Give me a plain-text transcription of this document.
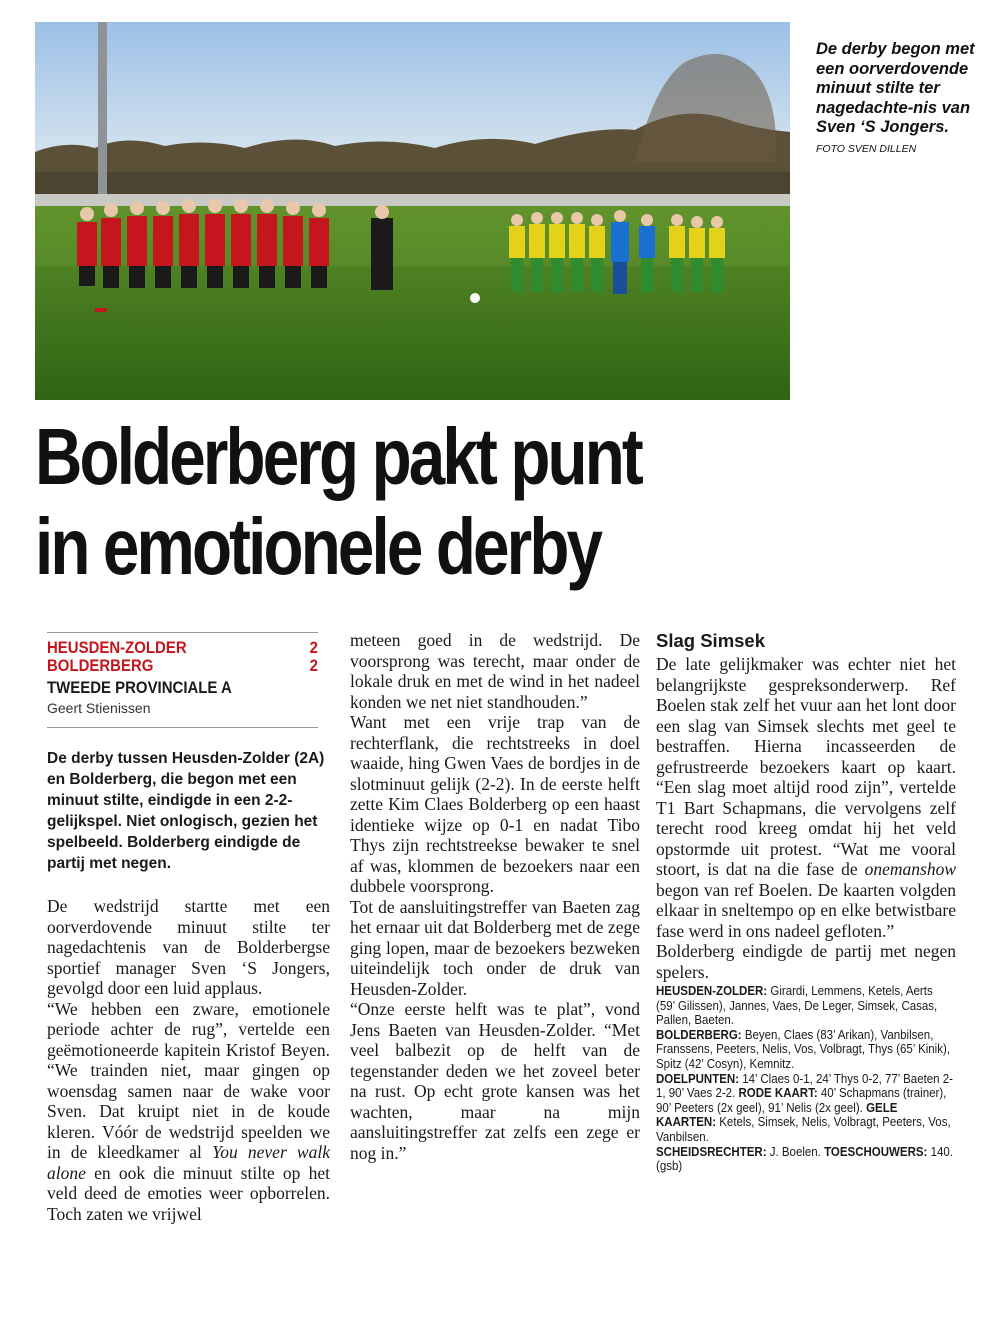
De derby begon met een oorverdovende minuut stilte ter nagedachte-nis van Sven ‘S Jongers. FOTO SVEN DILLEN
Bolderberg pakt punt
in emotionele derby
HEUSDEN-ZOLDER	2
BOLDERBERG	2
TWEEDE PROVINCIALE A
Geert Stienissen
De derby tussen Heusden-Zolder (2A) en Bolderberg, die begon met een minuut stilte, eindigde in een 2-2-gelijkspel. Niet onlogisch, gezien het spelbeeld. Bolderberg eindigde de partij met negen.

De wedstrijd startte met een oorverdovende minuut stilte ter nagedachtenis van de Bolderbergse sportief manager Sven ‘S Jongers, gevolgd door een luid applaus.

“We hebben een zware, emotionele periode achter de rug”, vertelde een geëmotioneerde kapitein Kristof Beyen. “We trainden niet, maar gingen op woensdag samen naar de wake voor Sven. Dat kruipt niet in de koude kleren. Vóór de wedstrijd speelden we in de kleedkamer al You never walk alone en ook die minuut stilte op het veld deed de emoties weer opborrelen. Toch zaten we vrijwel

meteen goed in de wedstrijd. De voorsprong was terecht, maar onder de lokale druk en met de wind in het nadeel konden we net niet standhouden.”

Want met een vrije trap van de rechterflank, die rechtstreeks in doel waaide, hing Gwen Vaes de bordjes in de slotminuut gelijk (2-2). In de eerste helft zette Kim Claes Bolderberg op een haast identieke wijze op 0-1 en nadat Tibo Thys zijn rechtstreekse bewaker te snel af was, klommen de bezoekers naar een dubbele voorsprong.

Tot de aansluitingstreffer van Baeten zag het ernaar uit dat Bolderberg met de zege ging lopen, maar de bezoekers bezweken uiteindelijk toch onder de druk van Heusden-Zolder.

“Onze eerste helft was te plat”, vond Jens Baeten van Heusden-Zolder. “Met veel balbezit op de helft van de tegenstander deden we het zoveel beter na rust. Op echt grote kansen was het wachten, maar na mijn aansluitingstreffer zat zelfs een zege er nog in.”

Slag Simsek

De late gelijkmaker was echter niet het belangrijkste gespreksonderwerp. Ref Boelen stak zelf het vuur aan het lont door een slag van Simsek slechts met geel te bestraffen. Hierna incasseerden de gefrustreerde bezoekers kaart op kaart. “Een slag moet altijd rood zijn”, vertelde T1 Bart Schapmans, die vervolgens zelf terecht rood kreeg omdat hij het veld opstormde uit protest. “Wat me vooral stoort, is dat na die fase de onemanshow begon van ref Boelen. De kaarten volgden elkaar in sneltempo op en elke betwistbare fase werd in ons nadeel gefloten.”

Bolderberg eindigde de partij met negen spelers.

HEUSDEN-ZOLDER: Girardi, Lemmens, Ketels, Aerts (59’ Gilissen), Jannes, Vaes, De Leger, Simsek, Casas, Pallen, Baeten.
BOLDERBERG: Beyen, Claes (83’ Arikan), Vanbilsen, Franssens, Peeters, Nelis, Vos, Volbragt, Thys (65’ Kinik), Spitz (42’ Cosyn), Kemnitz.
DOELPUNTEN: 14’ Claes 0-1, 24’ Thys 0-2, 77’ Baeten 2-1, 90’ Vaes 2-2. RODE KAART: 40’ Schapmans (trainer), 90’ Peeters (2x geel), 91’ Nelis (2x geel). GELE KAARTEN: Ketels, Simsek, Nelis, Volbragt, Peeters, Vos, Vanbilsen.
SCHEIDSRECHTER: J. Boelen. TOESCHOUWERS: 140. (gsb)
